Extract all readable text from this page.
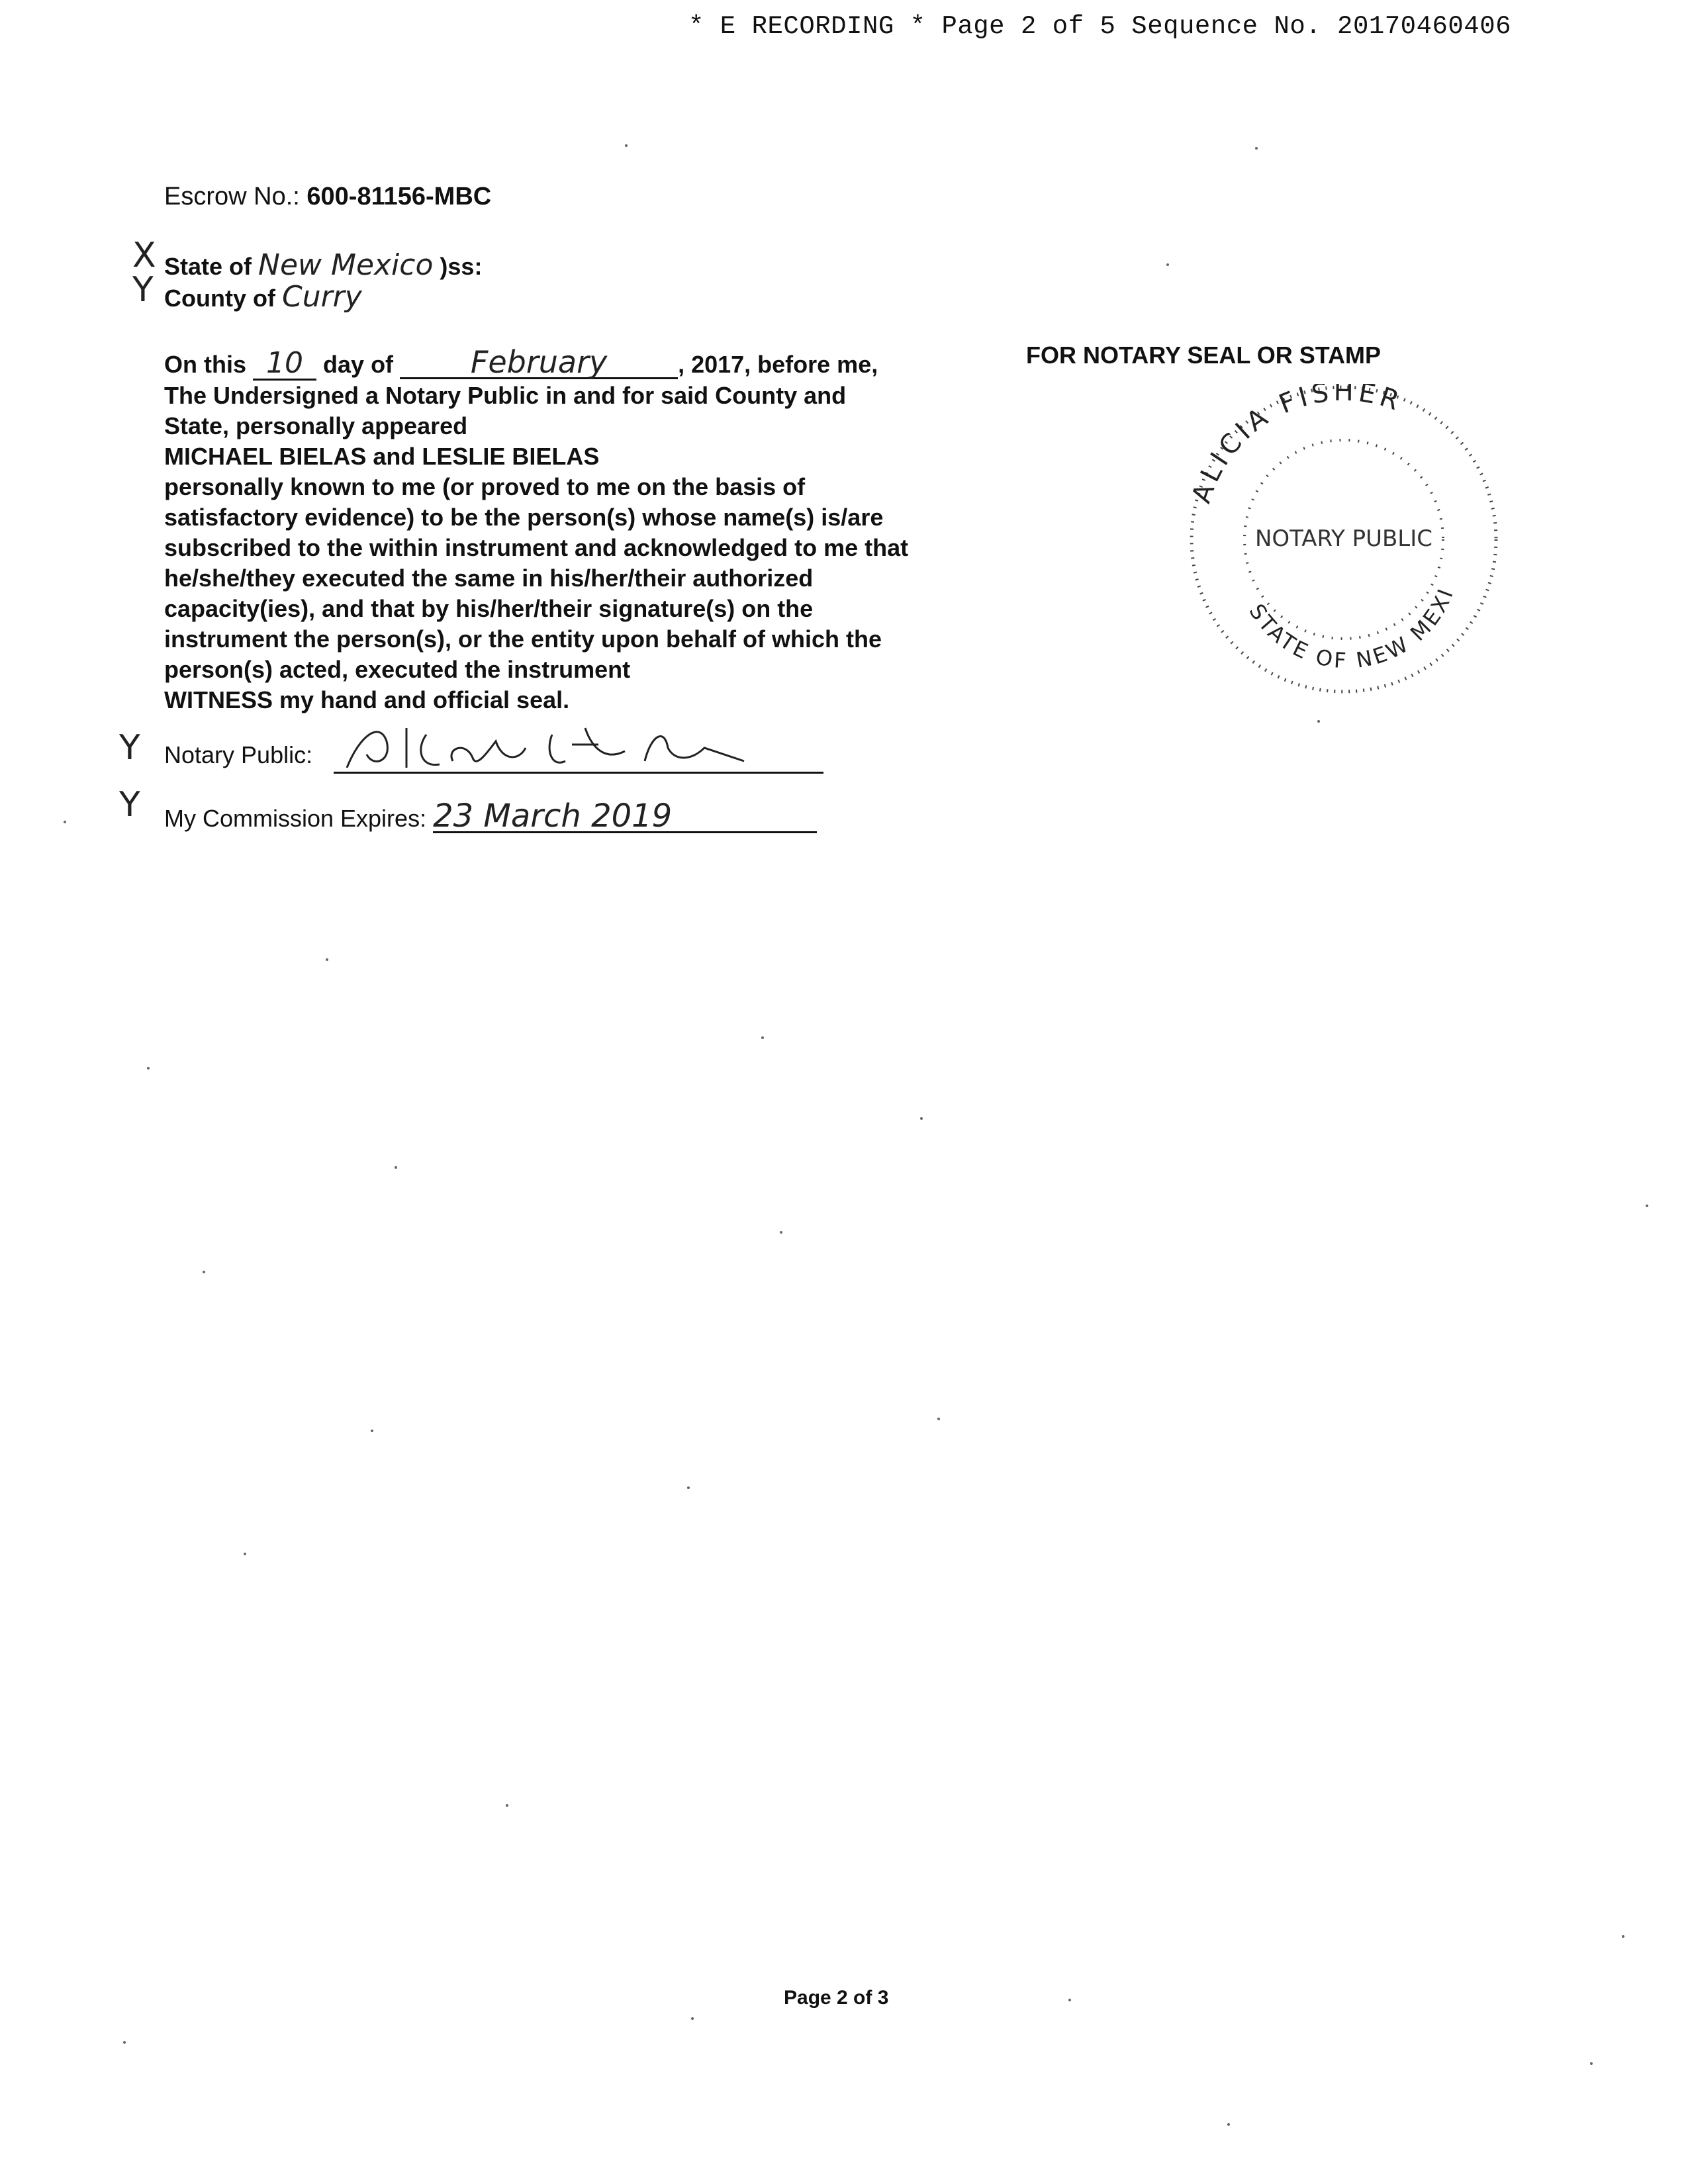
* E RECORDING * Page 2 of 5 Sequence No. 20170460406
Escrow No.: 600-81156-MBC
X
Y
State of New Mexico )ss:
County of Curry
On this 10 day of	February	, 2017, before me,
The Undersigned a Notary Public in and for said County and
State, personally appeared
MICHAEL BIELAS and LESLIE BIELAS
personally known to me (or proved to me on the basis of
satisfactory evidence) to be the person(s) whose name(s) is/are
subscribed to the within instrument and acknowledged to me that
he/she/they executed the same in his/her/their authorized
capacity(ies), and that by his/her/their signature(s) on the
instrument the person(s), or the entity upon behalf of which the
person(s) acted, executed the instrument
WITNESS my hand and official seal.
Y Notary Public:
Y My Commission Expires: 23 March 2019
FOR NOTARY SEAL OR STAMP
ALICIA FISHER
NOTARY PUBLIC
STATE OF NEW MEXI
Page 2 of 3
